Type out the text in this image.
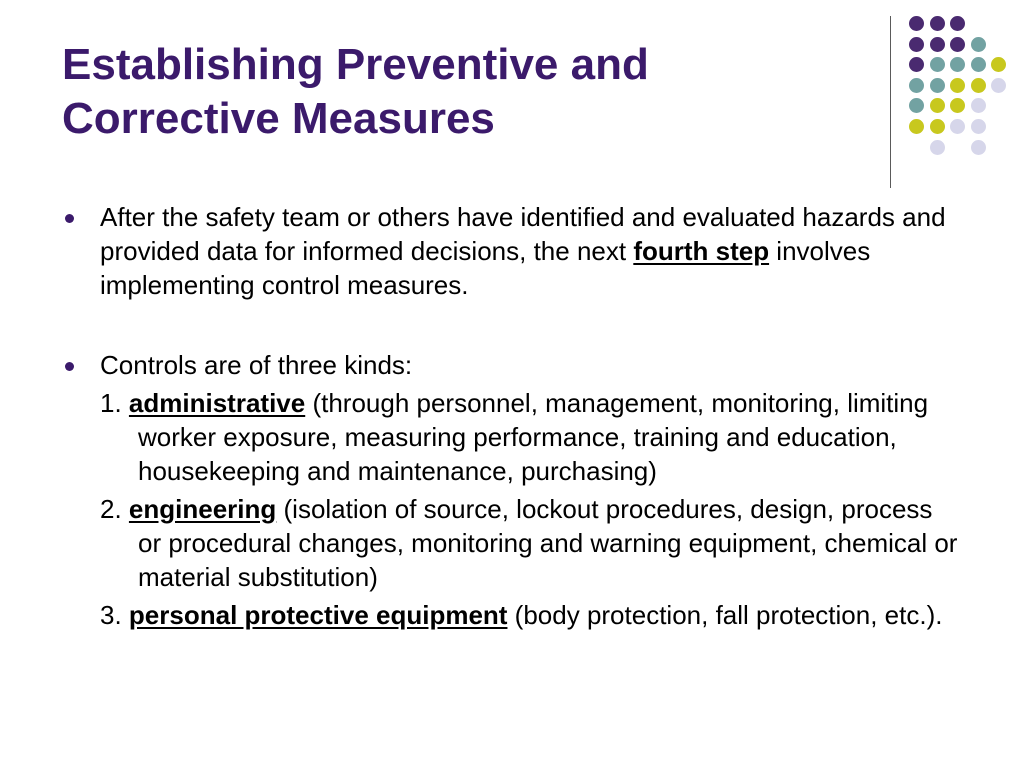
Establishing Preventive and
Corrective Measures

After the safety team or others have identified and evaluated hazards and provided data for informed decisions, the next fourth step involves implementing control measures.

Controls are of three kinds:
1. administrative (through personnel, management, monitoring, limiting worker exposure, measuring performance, training and education, housekeeping and maintenance, purchasing)
2. engineering (isolation of source, lockout procedures, design, process or procedural changes, monitoring and warning equipment, chemical or material substitution)
3. personal protective equipment (body protection, fall protection, etc.).
